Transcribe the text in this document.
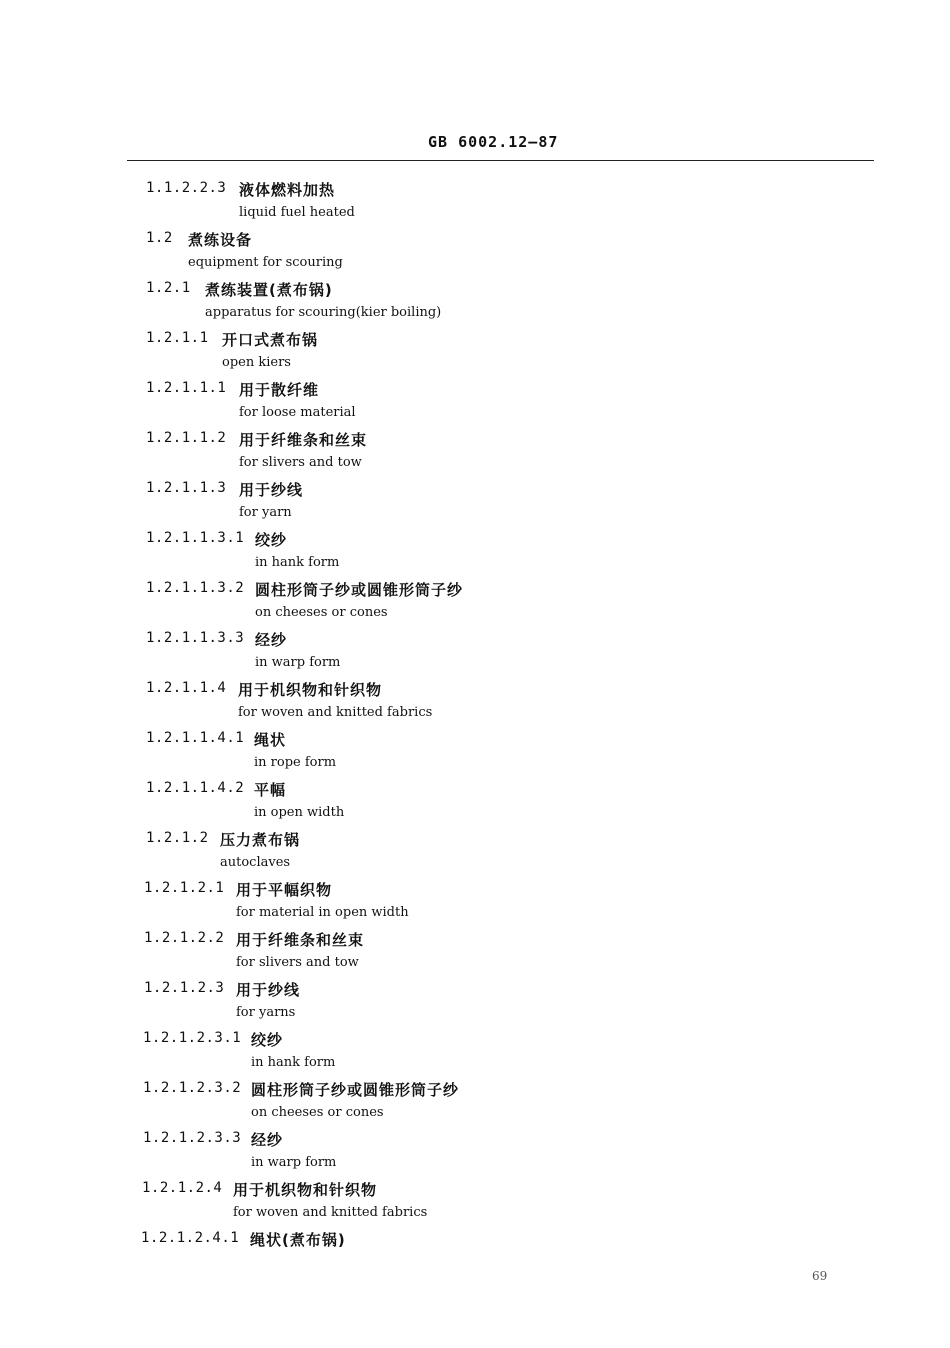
GB 6002.12—87
1.1.2.2.3 液体燃料加热
liquid fuel heated
1.2 煮练设备
equipment for scouring
1.2.1 煮练装置(煮布锅)
apparatus for scouring(kier boiling)
1.2.1.1 开口式煮布锅
open kiers
1.2.1.1.1 用于散纤维
for loose material
1.2.1.1.2 用于纤维条和丝束
for slivers and tow
1.2.1.1.3 用于纱线
for yarn
1.2.1.1.3.1 绞纱
in hank form
1.2.1.1.3.2 圆柱形筒子纱或圆锥形筒子纱
on cheeses or cones
1.2.1.1.3.3 经纱
in warp form
1.2.1.1.4 用于机织物和针织物
for woven and knitted fabrics
1.2.1.1.4.1 绳状
in rope form
1.2.1.1.4.2 平幅
in open width
1.2.1.2 压力煮布锅
autoclaves
1.2.1.2.1 用于平幅织物
for material in open width
1.2.1.2.2 用于纤维条和丝束
for slivers and tow
1.2.1.2.3 用于纱线
for yarns
1.2.1.2.3.1 绞纱
in hank form
1.2.1.2.3.2 圆柱形筒子纱或圆锥形筒子纱
on cheeses or cones
1.2.1.2.3.3 经纱
in warp form
1.2.1.2.4 用于机织物和针织物
for woven and knitted fabrics
1.2.1.2.4.1 绳状(煮布锅)
69
